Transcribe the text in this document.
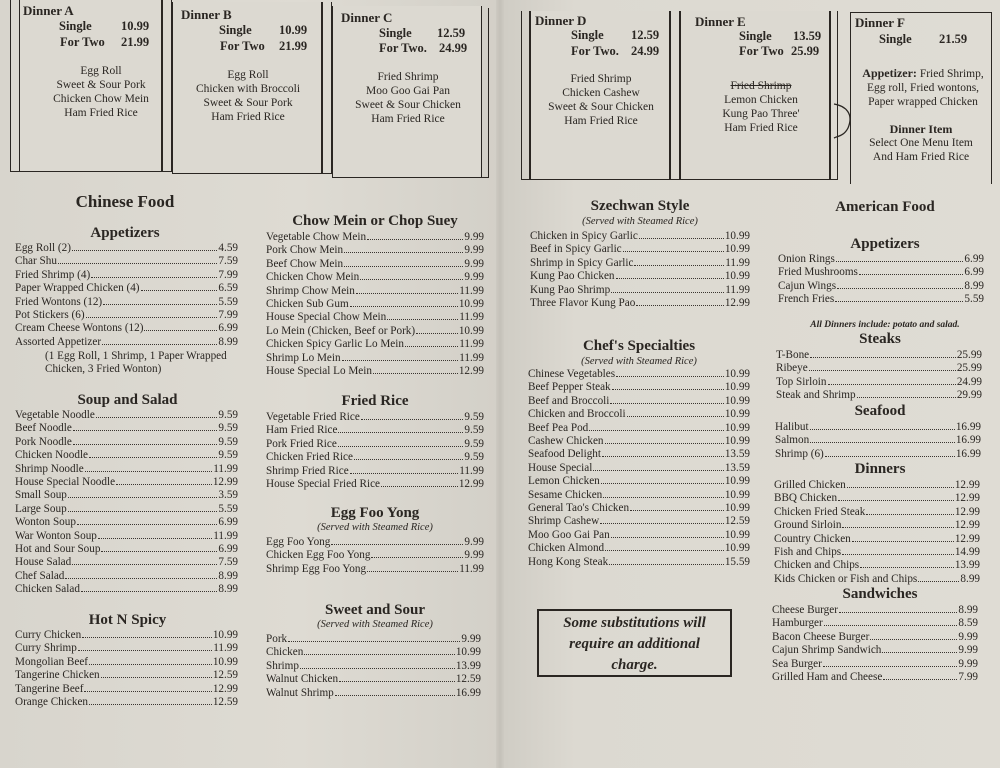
Dinner A
Single 10.99
For Two 21.99
Egg Roll
Sweet & Sour Pork
Chicken Chow Mein
Ham Fried Rice
Dinner B
Single 10.99
For Two 21.99
Egg Roll
Chicken with Broccoli
Sweet & Sour Pork
Ham Fried Rice
Dinner C
Single 12.59
For Two. 24.99
Fried Shrimp
Moo Goo Gai Pan
Sweet & Sour Chicken
Ham Fried Rice
Dinner D
Single 12.59
For Two. 24.99
Fried Shrimp
Chicken Cashew
Sweet & Sour Chicken
Ham Fried Rice
Dinner E
Single 13.59
For Two 25.99
Fried Shrimp
Lemon Chicken
Kung Pao Three'
Ham Fried Rice
Dinner F
Single 21.59
Appetizer: Fried Shrimp, Egg roll, Fried wontons, Paper wrapped Chicken
Dinner Item
Select One Menu Item
And Ham Fried Rice
Chinese Food
Appetizers
Egg Roll (2)	4.59
Char Shu	7.59
Fried Shrimp (4)	7.99
Paper Wrapped Chicken (4)	6.59
Fried Wontons (12)	5.59
Pot Stickers (6)	7.99
Cream Cheese Wontons (12)	6.99
Assorted Appetizer	8.99
(1 Egg Roll, 1 Shrimp, 1 Paper Wrapped
Chicken, 3 Fried Wonton)
Soup and Salad
Vegetable Noodle	9.59
Beef Noodle	9.59
Pork Noodle	9.59
Chicken Noodle	9.59
Shrimp Noodle	11.99
House Special Noodle	12.99
Small Soup	3.59
Large Soup	5.59
Wonton Soup	6.99
War Wonton Soup	11.99
Hot and Sour Soup	6.99
House Salad	7.59
Chef Salad	8.99
Chicken Salad	8.99
Hot N Spicy
Curry Chicken	10.99
Curry Shrimp	11.99
Mongolian Beef	10.99
Tangerine Chicken	12.59
Tangerine Beef	12.99
Orange Chicken	12.59
Chow Mein or Chop Suey
Vegetable Chow Mein	9.99
Pork Chow Mein	9.99
Beef Chow Mein	9.99
Chicken Chow Mein	9.99
Shrimp Chow Mein	11.99
Chicken Sub Gum	10.99
House Special Chow Mein	11.99
Lo Mein (Chicken, Beef or Pork)	10.99
Chicken Spicy Garlic Lo Mein	11.99
Shrimp Lo Mein	11.99
House Special Lo Mein	12.99
Fried Rice
Vegetable Fried Rice	9.59
Ham Fried Rice	9.59
Pork Fried Rice	9.59
Chicken Fried Rice	9.59
Shrimp Fried Rice	11.99
House Special Fried Rice	12.99
Egg Foo Yong
(Served with Steamed Rice)
Egg Foo Yong	9.99
Chicken Egg Foo Yong	9.99
Shrimp Egg Foo Yong	11.99
Sweet and Sour
(Served with Steamed Rice)
Pork	9.99
Chicken	10.99
Shrimp	13.99
Walnut Chicken	12.59
Walnut Shrimp	16.99
Szechwan Style
(Served with Steamed Rice)
Chicken in Spicy Garlic	10.99
Beef in Spicy Garlic	10.99
Shrimp in Spicy Garlic	11.99
Kung Pao Chicken	10.99
Kung Pao Shrimp	11.99
Three Flavor Kung Pao	12.99
Chef's Specialties
(Served with Steamed Rice)
Chinese Vegetables	10.99
Beef Pepper Steak	10.99
Beef and Broccoli	10.99
Chicken and Broccoli	10.99
Beef Pea Pod	10.99
Cashew Chicken	10.99
Seafood Delight	13.59
House Special	13.59
Lemon Chicken	10.99
Sesame Chicken	10.99
General Tao's Chicken	10.99
Shrimp Cashew	12.59
Moo Goo Gai Pan	10.99
Chicken Almond	10.99
Hong Kong Steak	15.59
Some substitutions will
require an additional
charge.
American Food
Appetizers
Onion Rings	6.99
Fried Mushrooms	6.99
Cajun Wings	8.99
French Fries	5.59
All Dinners include: potato and salad.
Steaks
T-Bone	25.99
Ribeye	25.99
Top Sirloin	24.99
Steak and Shrimp	29.99
Seafood
Halibut	16.99
Salmon	16.99
Shrimp (6)	16.99
Dinners
Grilled Chicken	12.99
BBQ Chicken	12.99
Chicken Fried Steak	12.99
Ground Sirloin	12.99
Country Chicken	12.99
Fish and Chips	14.99
Chicken and Chips	13.99
Kids Chicken or Fish and Chips	8.99
Sandwiches
Cheese Burger	8.99
Hamburger	8.59
Bacon Cheese Burger	9.99
Cajun Shrimp Sandwich	9.99
Sea Burger	9.99
Grilled Ham and Cheese	7.99
